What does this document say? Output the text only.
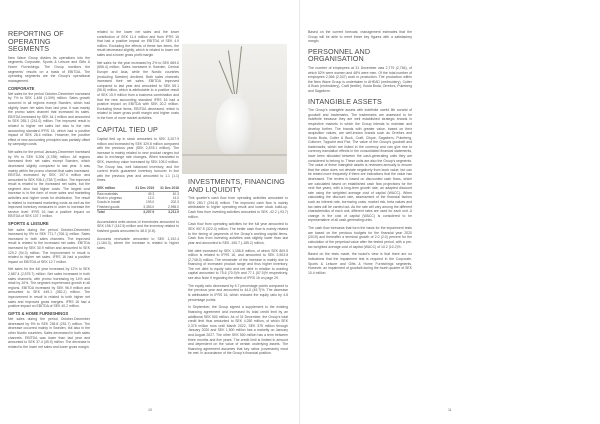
REPORTING OF OPERATING SEGMENTS

New Wave Group divides its operations into the segments Corporate, Sports & Leisure and Gifts & Home Furnishings. The Group monitors the segments' results on a basis of EBITDA. The operating segments are the Group's operational management.

CORPORATE

Net sales for the period October-December increased by 7% to SEK 1,498 (1,399) million. Sales growth occurred in all regions except Sweden, which had slightly lower net sales than last year. It was mainly the promo sales channel that increased its sales. EBITDA increased by SEK 44.1 million and amounted to SEK 285.1 (241.0) million. The improved result is related to higher net sales but also to the new accounting standard IFRS 16, which had a positive impact of SEK 28.4 million. However, the positive effect of new accounting principles was partially offset by campaign costs.

Net sales for the period January-December increased by 9% to SEK 5,206 (4,785) million. All regions increased their net sales except Sweden, which decreased slightly compared to last year. It was mainly within the promo channel that sales increased. EBITDA increased by SEK 197.4 million and amounted to SEK 936.1 (738.7) million. The improved result is related to the increased net sales, but the segment also had higher costs. The largest cost increase is in the form of more sales and marketing activities and higher costs for distribution. The result is related to increased marketing costs as well as the improved inventory measures in order to increase the service level. IFRS 16 had a positive impact on EBITDA of SEK 107.7 million.

SPORTS & LEISURE

Net sales during the period October-December increased by 9% to SEK 771.7 (706.1) million. Sales increased in both sales channels. The improved result is related to the increased net sales. EBITDA increased by SEK 30.9 million and amounted to SEK 125.2 (94.3) million. The improvement in result is related to higher net sales. IFRS 16 had a positive impact on EBITDA of SEK 12.7 million.

Net sales for the full year increased by 12% to SEK 2,887.4 (2,575.7) million. Net sales increased in both sales channels, with promo increasing by 14% and retail by 10%. The segment experienced growth in all regions. EBITDA increased by SEK 96.9 million and amounted to SEK 449.1 (352.2) million. The improvement in result is related to both higher net sales and improved gross margins. IFRS 16 had a positive impact on EBITDA of SEK 40.2 million.

GIFTS & HOME FURNISHINGS

Net sales during the period October-December decreased by 5% to SEK 238.6 (251.7) million. The decrease occurred mainly in Sweden, but also in the other Nordic countries. Sales decreased in both sales channels. EBITDA was lower than last year and amounted to SEK 37.4 (45.9) million. The decrease is related to the lower net sales and lower gross margin.

related to the lower net sales and the lower contribution of SEK 11.4 million and from IFRS 16 that had a positive impact on EBITDA of SEK 4.9 million. Excluding the effects of these two items, the result decreased slightly, which is related to lower net sales and a lower gross profit margin.

Net sales for the year increased by 2% to SEK 669.0 (656.4) million. Sales increased in Sweden, Central Europe and Asia, while the Nordic countries (excluding Sweden) declined. Both sales channels increased their net sales. EBITDA improved compared to last year and amounted to SEK 65.1 (56.8) million, which is attributable to a positive result of SEK 15.9 million from a business combination and that the new accounting standard IFRS 16 had a positive impact on EBITDA with SEK 20.2 million. Excluding these items, EBITDA decreased, which is related to lower gross profit margin and higher costs in the form of more market activities.

CAPITAL TIED UP

Capital tied up in stock amounted to SEK 3,207.9 million and increased by SEK 329.8 million compared with the previous year (SEK 2,878.1 million). The increase is mainly related to new product ranges but also to exchange rate changes. When translated to SEK, inventory value increased by SEK 105.0 million. The Group has, well balanced inventory, and the current levels guarantee inventory turnover in line with the previous year and amounted to 1.1 (1.1) times.

SEK million	31 Dec 2019	31 Dec 2018
Raw materials	49.3	40.3
Work in progress	12.0	14.0
Goods in transit	193.0	202.3
Finished goods	3,353.0	2,955.0
Total	3,207.9	3,211.9

Accumulated write-downs of inventories amounted to SEK 156.7 (142.5) million and the inventory related to finished goods amounted to 48.0 (0.8).

Accounts receivable amounted to SEK 1,192.4 (1,184.3), where the increase is related to higher sales.

INVESTMENTS, FINANCING AND LIQUIDITY

This quarter's cash flow from operating activities amounted to SEK 283.7 (294.8) million. The improved cash flow is mainly attributable to higher operating result and lower stock build-up. Cash flow from investing activities amounted to SEK -42.2 (-93.7) million.

Cash flow from operating activities for the full year amounted to SEK 957.5 (322.4) million. The better cash flow is mainly related to the timing of payments of the Group's working capital items. Cash flow from investing activities was slightly lower than last year and amounted to SEK -190.7 (-185.2) million.

Net debt increased by SEK 1,155.8 million, of which SEK 809.5 million is related to IFRS 16, and amounted to SEK 3,903.8 (2,748.0) million. The remainder of the increase is mainly due to financing of increased product range and thus higher inventory. The net debt to equity ratio and net debt in relation to working capital amounted to 75.6 (70.9)% and 77.1 (57.0)% respectively, see also Note 9 regarding the effect of IFRS 16 on page 29.

The equity ratio decreased by 5.7 percentage points compared to the previous year and amounted to 44.0 (49.7)%. The decrease is attributable to IFRS 16, which reduced the equity ratio by 4.8 percentage points.

In September, the Group signed a supplement to the existing financing agreement and increased its total credit limit by an additional SEK 500 million. As of 31 December, the Group's total credit limit thus amounted to SEK 4,250 million, of which SEK 2,375 million runs until March 2022, SEK 375 million through January 2020 and SEK 1,500 million has a maturity on January and August 2027. The other SEK 500 million has a term between three months and five years. The credit limit is limited in amount and dependent on the value of certain underlying assets. The financing agreement assumes that key ratios (covenants) must be met. In accordance of the Group's financial position.

10

Based on the current forecast, management estimates that the Group will be able to meet these key figures with a satisfactory margin.

PERSONNEL AND ORGANISATION

The number of employees at 31 December was 2,779 (2,764), of which 52% were women and 48% were men. Of the total number of employees 2,066 (2,047) work in production. The production within the New Wave Group is undertaken in AHEAD (embroidery), Cutter & Buck (embroidery), Craft (textile), Kosta Boda, Orrefors, Pukeberg and Sagaform.

INTANGIBLE ASSETS

The Group's intangible assets with indefinite useful life consist of goodwill and trademarks. The trademarks are assessed to be indefinite because they are well established strategic brands in respective markets in which the Group intends to maintain and develop further. The brands with greater value, based on their acquisition values, are well-known brands such as Orrefors and Kosta Boda, Cutter & Buck, Craft, Clique, Sagaform, Pukeberg, Cottover, Toppoint and Pax. The value of the Group's goodwill and trademarks, which are linked in the currency and can give rise to currency translation effects in the consolidated financial statements, have been allocated between the cash-generating units they are considered to belong to. These units are also the Group's segments. The value of these intangible assets is reviewed annually to ensure that the value does not deviate negatively from book value, but can be tested more frequently if there are indications that the value has decreased. The review is based on discounted cash flows, which are calculated based on established cash flow projections for the next five years, with a long-term growth rate, an adapted discount rate using the weighted average cost of capital (WACC). When calculating the discount rate, assessment of the financial factors such as interest rate, borrowing costs, market risk, beta values and tax rates will be carried out. As the rate will vary among the different characteristics of each unit, different rates are used for each unit. A change in the cost of capital (WACC) is considered to be representative of all cash-generating units.

The cash flow forecasts that form the basis for the impairment tests are based on the previous budgets for the financial year 2020 (2019) and thereafter a terminal growth of 2.0 (2.0) percent for the calculation of the perpetual value after the tested period, with a pre-tax weighted average cost of capital (WACC) of 10.2 (10.2)%.

Based on the tests made, the board's view is that there are no indications that the impairment test is required in the Corporate, Sports & Leisure and Gifts & Home Furnishings segments. However, an impairment of goodwill during the fourth quarter of SEK 10.4 million.

11
